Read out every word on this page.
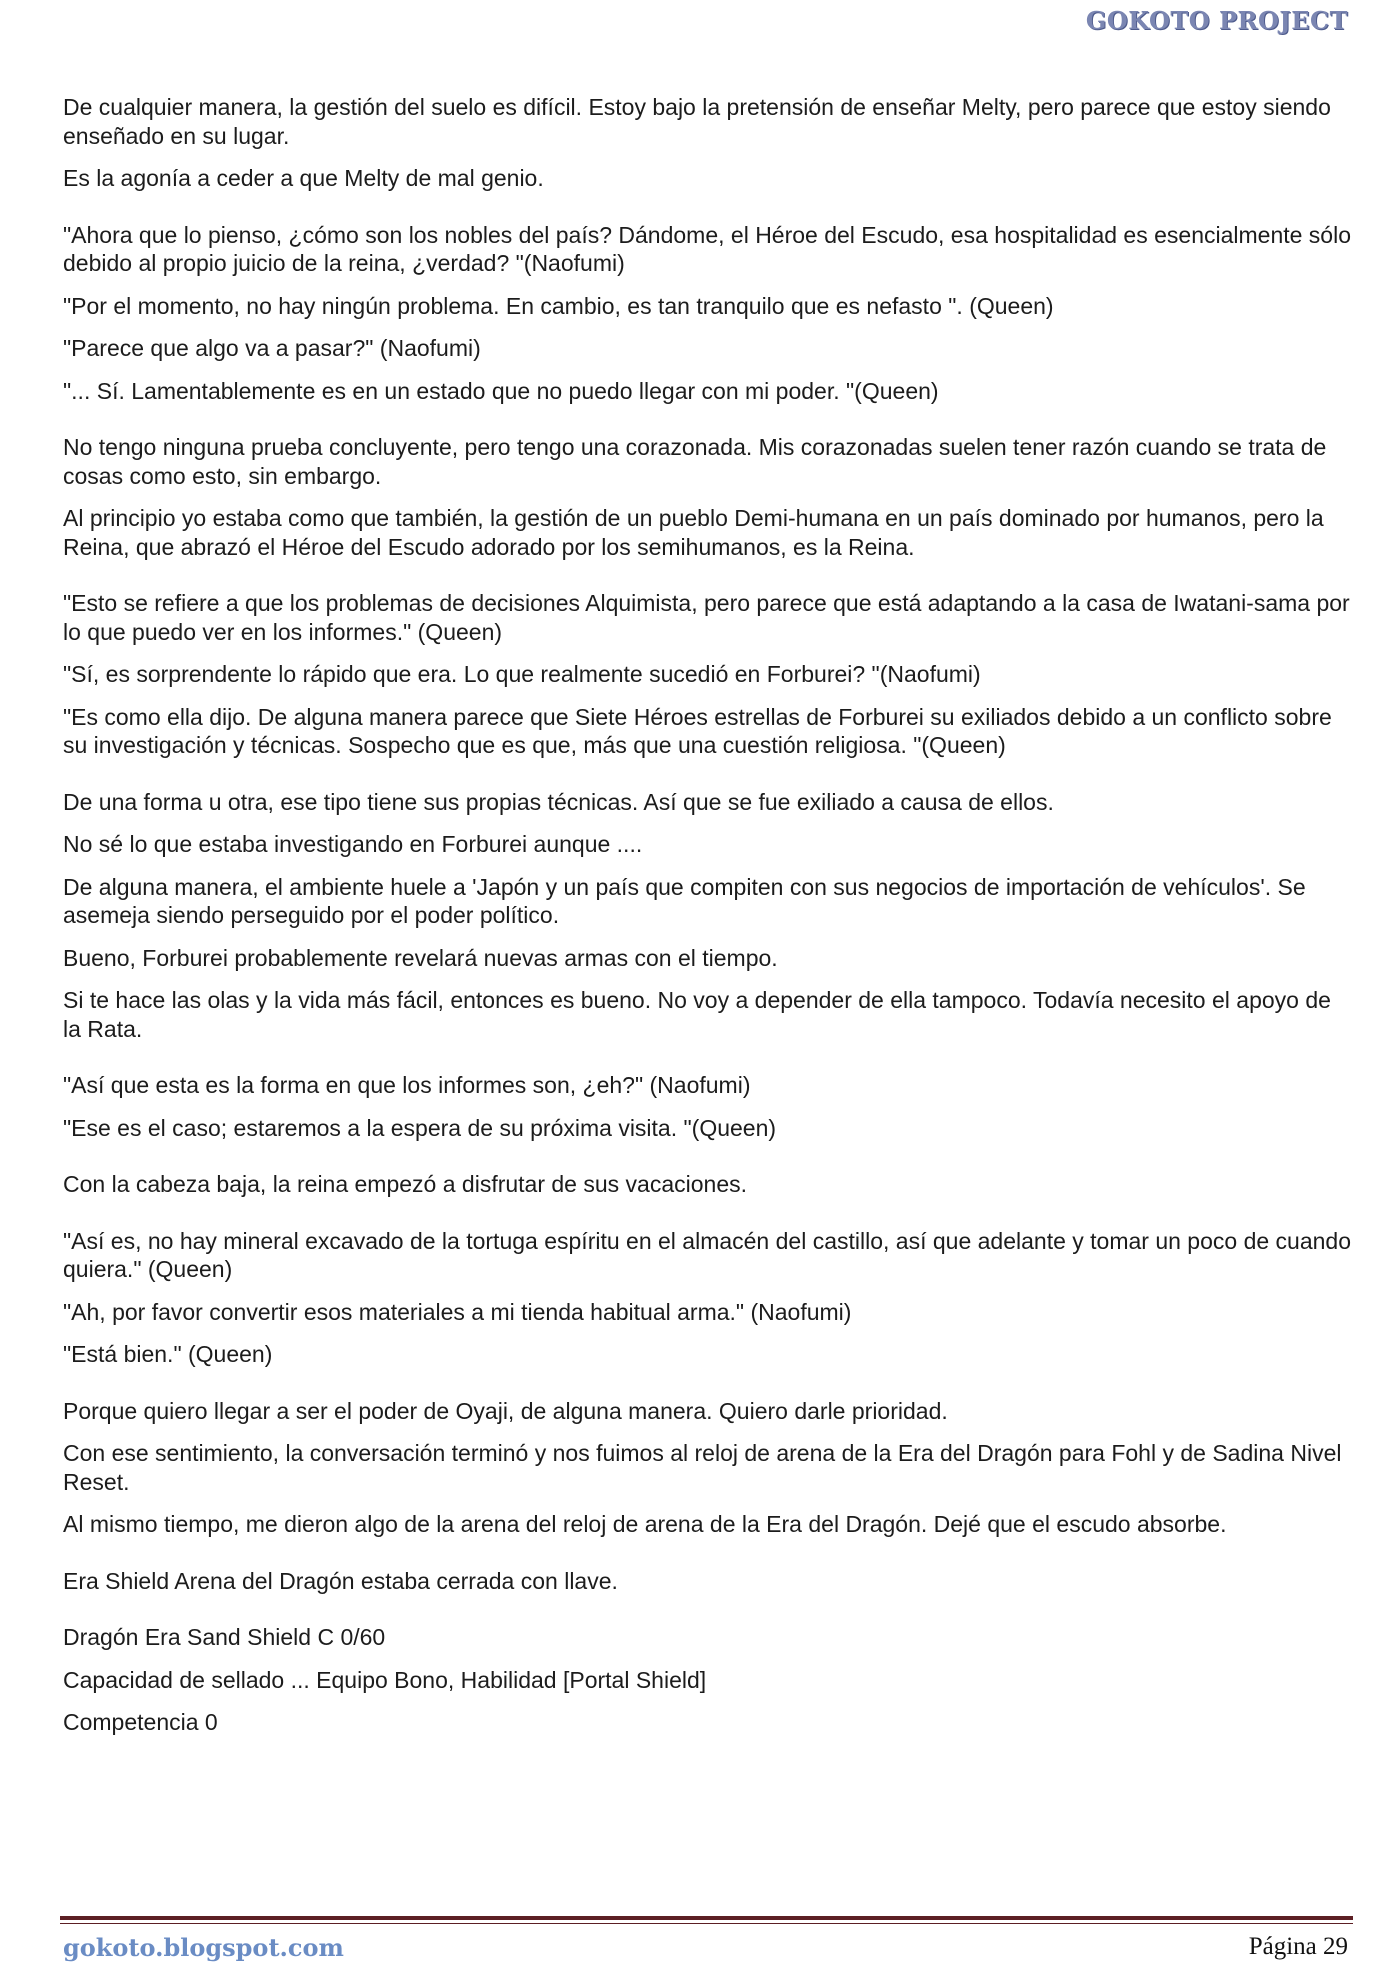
GOKOTO PROJECT

De cualquier manera, la gestión del suelo es difícil. Estoy bajo la pretensión de enseñar Melty, pero parece que estoy siendo enseñado en su lugar.

Es la agonía a ceder a que Melty de mal genio.

"Ahora que lo pienso, ¿cómo son los nobles del país? Dándome, el Héroe del Escudo, esa hospitalidad es esencialmente sólo debido al propio juicio de la reina, ¿verdad? "(Naofumi)

"Por el momento, no hay ningún problema. En cambio, es tan tranquilo que es nefasto ". (Queen)

"Parece que algo va a pasar?" (Naofumi)

"... Sí. Lamentablemente es en un estado que no puedo llegar con mi poder. "(Queen)

No tengo ninguna prueba concluyente, pero tengo una corazonada. Mis corazonadas suelen tener razón cuando se trata de cosas como esto, sin embargo.

Al principio yo estaba como que también, la gestión de un pueblo Demi-humana en un país dominado por humanos, pero la Reina, que abrazó el Héroe del Escudo adorado por los semihumanos, es la Reina.

"Esto se refiere a que los problemas de decisiones Alquimista, pero parece que está adaptando a la casa de Iwatani-sama por lo que puedo ver en los informes." (Queen)

"Sí, es sorprendente lo rápido que era. Lo que realmente sucedió en Forburei? "(Naofumi)

"Es como ella dijo. De alguna manera parece que Siete Héroes estrellas de Forburei su exiliados debido a un conflicto sobre su investigación y técnicas. Sospecho que es que, más que una cuestión religiosa. "(Queen)

De una forma u otra, ese tipo tiene sus propias técnicas. Así que se fue exiliado a causa de ellos.

No sé lo que estaba investigando en Forburei aunque ....

De alguna manera, el ambiente huele a 'Japón y un país que compiten con sus negocios de importación de vehículos'. Se asemeja siendo perseguido por el poder político.

Bueno, Forburei probablemente revelará nuevas armas con el tiempo.

Si te hace las olas y la vida más fácil, entonces es bueno. No voy a depender de ella tampoco. Todavía necesito el apoyo de la Rata.

"Así que esta es la forma en que los informes son, ¿eh?" (Naofumi)

"Ese es el caso; estaremos a la espera de su próxima visita. "(Queen)

Con la cabeza baja, la reina empezó a disfrutar de sus vacaciones.

"Así es, no hay mineral excavado de la tortuga espíritu en el almacén del castillo, así que adelante y tomar un poco de cuando quiera." (Queen)

"Ah, por favor convertir esos materiales a mi tienda habitual arma." (Naofumi)

"Está bien." (Queen)

Porque quiero llegar a ser el poder de Oyaji, de alguna manera. Quiero darle prioridad.

Con ese sentimiento, la conversación terminó y nos fuimos al reloj de arena de la Era del Dragón para Fohl y de Sadina Nivel Reset.

Al mismo tiempo, me dieron algo de la arena del reloj de arena de la Era del Dragón. Dejé que el escudo absorbe.

Era Shield Arena del Dragón estaba cerrada con llave.

Dragón Era Sand Shield C 0/60

Capacidad de sellado ... Equipo Bono, Habilidad [Portal Shield]

Competencia 0

gokoto.blogspot.com	Página 29
